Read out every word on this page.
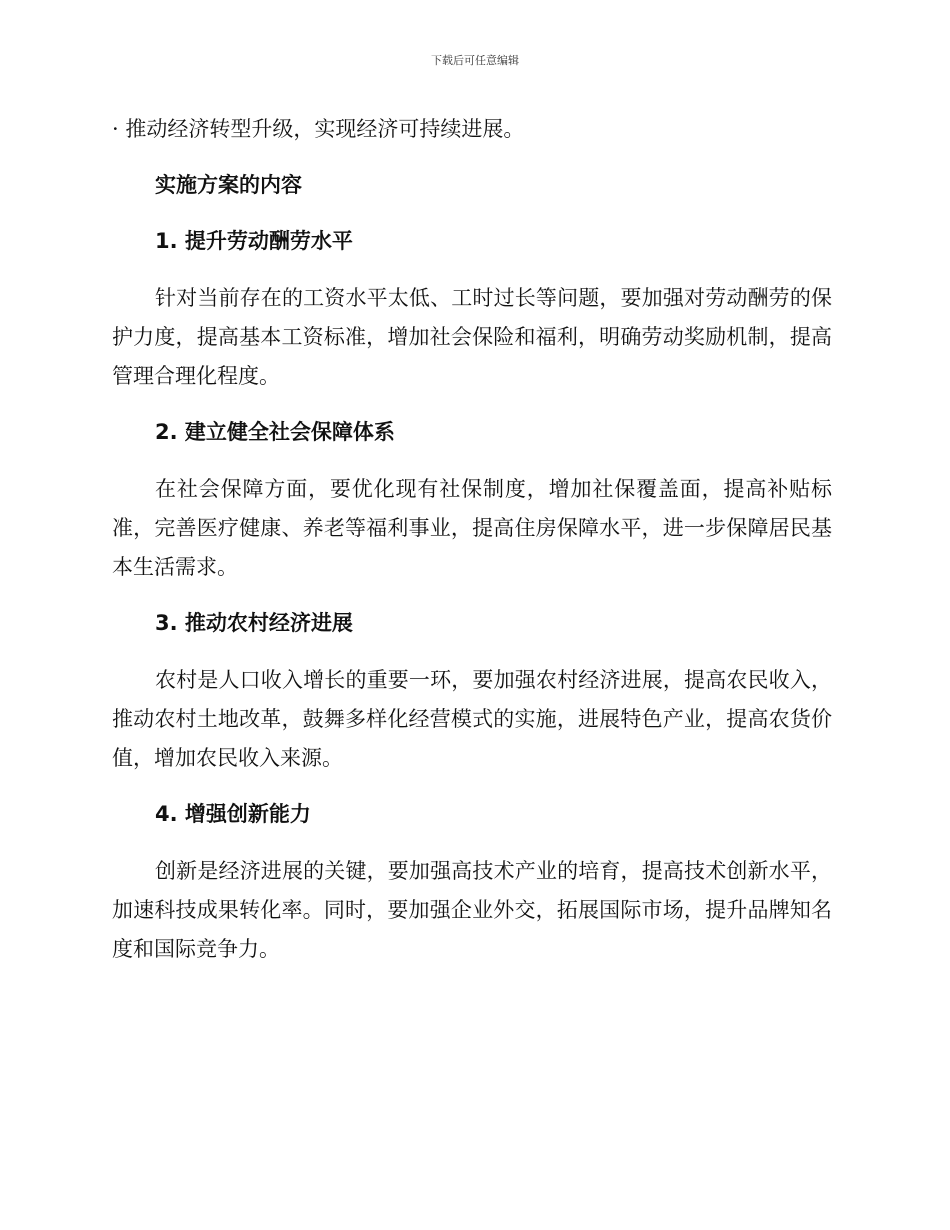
下载后可任意编辑

· 推动经济转型升级，实现经济可持续进展。

实施方案的内容

1. 提升劳动酬劳水平

针对当前存在的工资水平太低、工时过长等问题，要加强对劳动酬劳的保护力度，提高基本工资标准，增加社会保险和福利，明确劳动奖励机制，提高管理合理化程度。

2. 建立健全社会保障体系

在社会保障方面，要优化现有社保制度，增加社保覆盖面，提高补贴标准，完善医疗健康、养老等福利事业，提高住房保障水平，进一步保障居民基本生活需求。

3. 推动农村经济进展

农村是人口收入增长的重要一环，要加强农村经济进展，提高农民收入，推动农村土地改革，鼓舞多样化经营模式的实施，进展特色产业，提高农货价值，增加农民收入来源。

4. 增强创新能力

创新是经济进展的关键，要加强高技术产业的培育，提高技术创新水平，加速科技成果转化率。同时，要加强企业外交，拓展国际市场，提升品牌知名度和国际竞争力。
